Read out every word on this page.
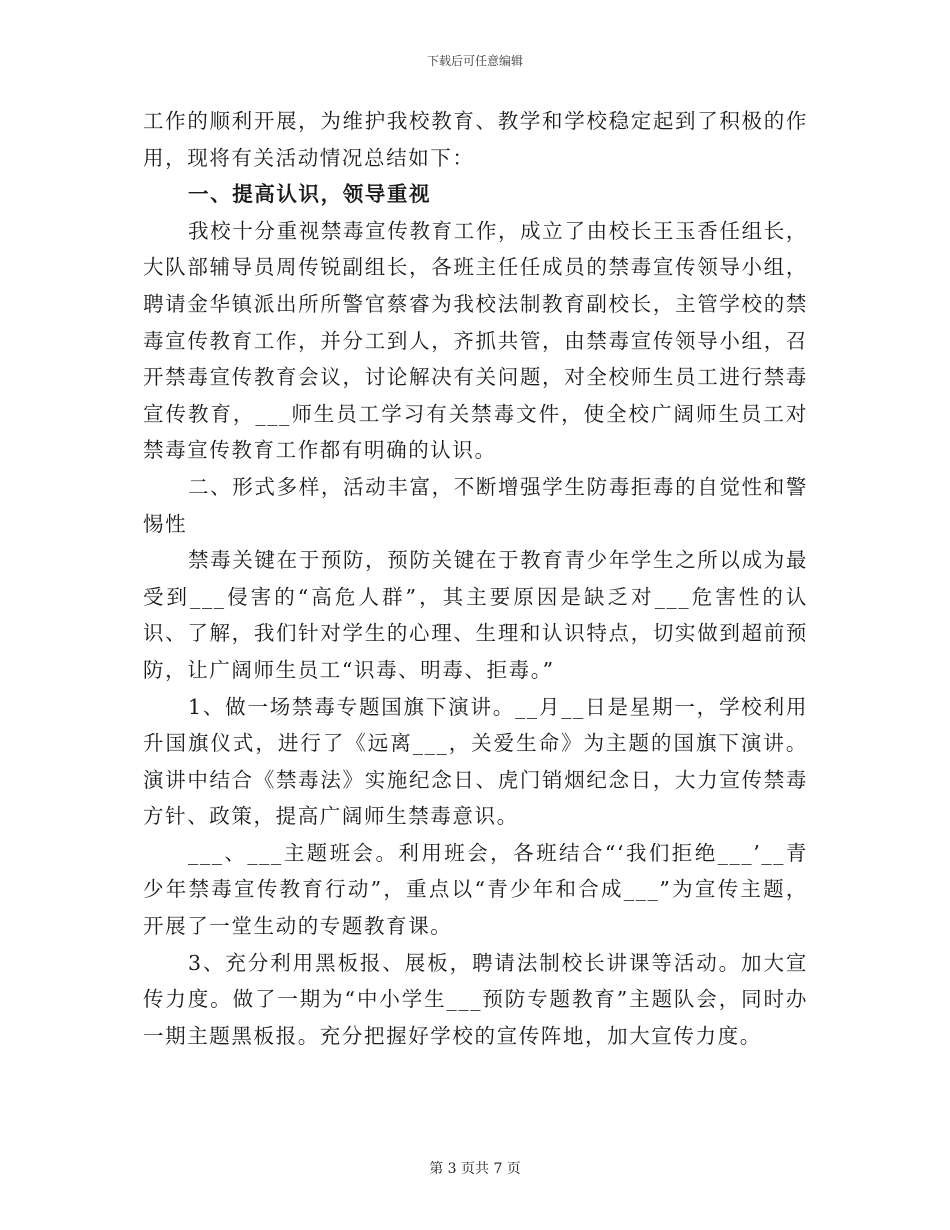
下载后可任意编辑

工作的顺利开展，为维护我校教育、教学和学校稳定起到了积极的作用，现将有关活动情况总结如下：

一、提高认识，领导重视

我校十分重视禁毒宣传教育工作，成立了由校长王玉香任组长，大队部辅导员周传锐副组长，各班主任任成员的禁毒宣传领导小组，聘请金华镇派出所所警官蔡睿为我校法制教育副校长，主管学校的禁毒宣传教育工作，并分工到人，齐抓共管，由禁毒宣传领导小组，召开禁毒宣传教育会议，讨论解决有关问题，对全校师生员工进行禁毒宣传教育，___师生员工学习有关禁毒文件，使全校广阔师生员工对禁毒宣传教育工作都有明确的认识。

二、形式多样，活动丰富，不断增强学生防毒拒毒的自觉性和警惕性

禁毒关键在于预防，预防关键在于教育青少年学生之所以成为最受到___侵害的“高危人群”，其主要原因是缺乏对___危害性的认识、了解，我们针对学生的心理、生理和认识特点，切实做到超前预防，让广阔师生员工“识毒、明毒、拒毒。”

1、做一场禁毒专题国旗下演讲。__月__日是星期一，学校利用升国旗仪式，进行了《远离___，关爱生命》为主题的国旗下演讲。演讲中结合《禁毒法》实施纪念日、虎门销烟纪念日，大力宣传禁毒方针、政策，提高广阔师生禁毒意识。

___、___主题班会。利用班会，各班结合“‘我们拒绝___’__青少年禁毒宣传教育行动”，重点以“青少年和合成___”为宣传主题，开展了一堂生动的专题教育课。

3、充分利用黑板报、展板，聘请法制校长讲课等活动。加大宣传力度。做了一期为“中小学生___预防专题教育”主题队会，同时办一期主题黑板报。充分把握好学校的宣传阵地，加大宣传力度。

第 3 页共 7 页
